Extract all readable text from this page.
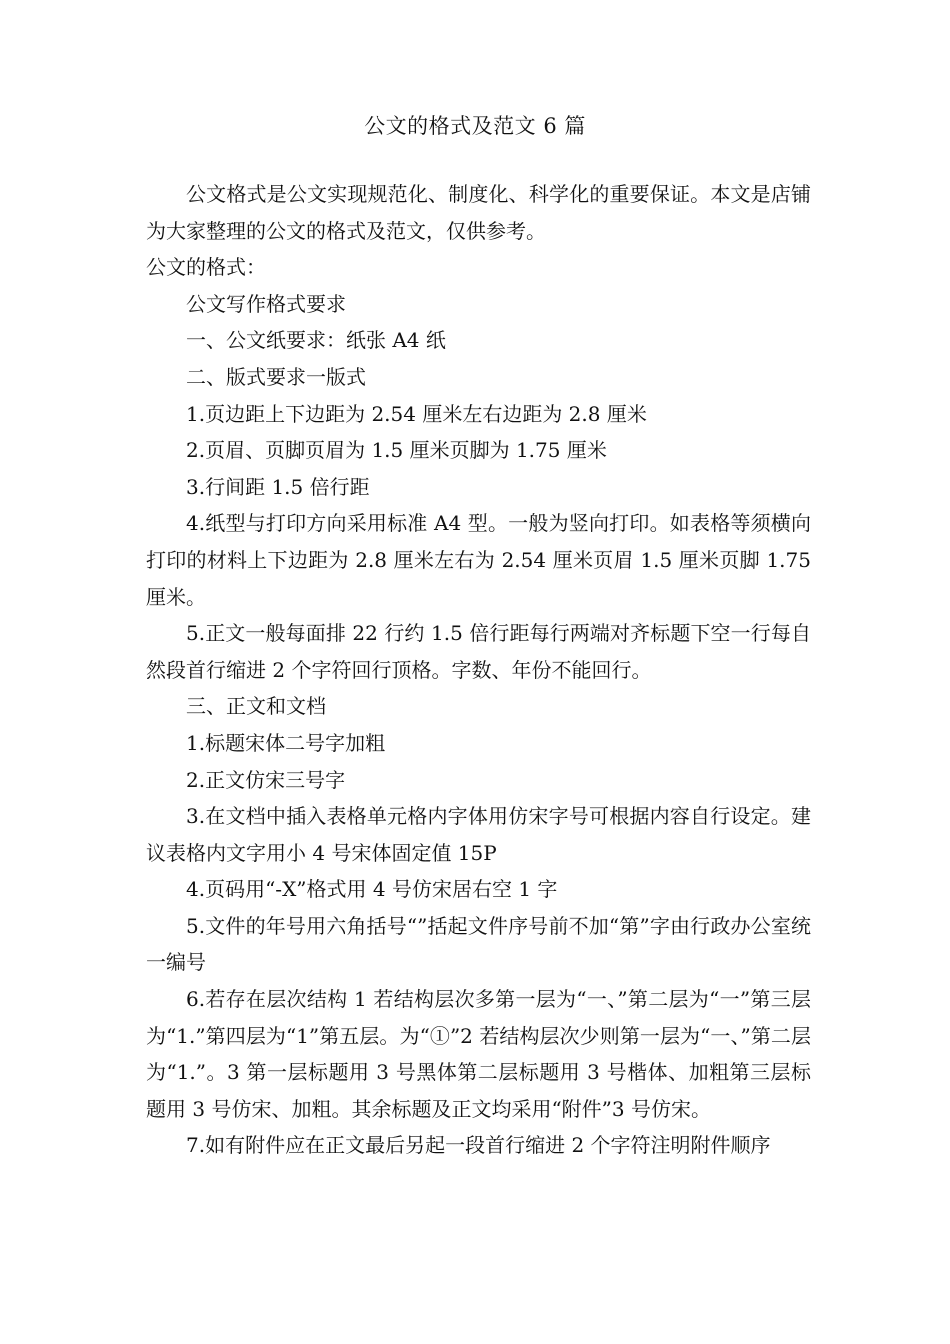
公文的格式及范文 6 篇

公文格式是公文实现规范化、制度化、科学化的重要保证。本文是店铺为大家整理的公文的格式及范文，仅供参考。

公文的格式：

公文写作格式要求

一、公文纸要求：纸张 A4 纸

二、版式要求一版式

1.页边距上下边距为 2.54 厘米左右边距为 2.8 厘米

2.页眉、页脚页眉为 1.5 厘米页脚为 1.75 厘米

3.行间距 1.5 倍行距

4.纸型与打印方向采用标准 A4 型。一般为竖向打印。如表格等须横向打印的材料上下边距为 2.8 厘米左右为 2.54 厘米页眉 1.5 厘米页脚 1.75 厘米。

5.正文一般每面排 22 行约 1.5 倍行距每行两端对齐标题下空一行每自然段首行缩进 2 个字符回行顶格。字数、年份不能回行。

三、正文和文档

1.标题宋体二号字加粗

2.正文仿宋三号字

3.在文档中插入表格单元格内字体用仿宋字号可根据内容自行设定。建议表格内文字用小 4 号宋体固定值 15P

4.页码用“-X”格式用 4 号仿宋居右空 1 字

5.文件的年号用六角括号“”括起文件序号前不加“第”字由行政办公室统一编号

6.若存在层次结构 1 若结构层次多第一层为“一、”第二层为“一”第三层为“1.”第四层为“1”第五层。为“①”2 若结构层次少则第一层为“一、”第二层为“1.”。3 第一层标题用 3 号黑体第二层标题用 3 号楷体、加粗第三层标题用 3 号仿宋、加粗。其余标题及正文均采用“附件”3 号仿宋。

7.如有附件应在正文最后另起一段首行缩进 2 个字符注明附件顺序
